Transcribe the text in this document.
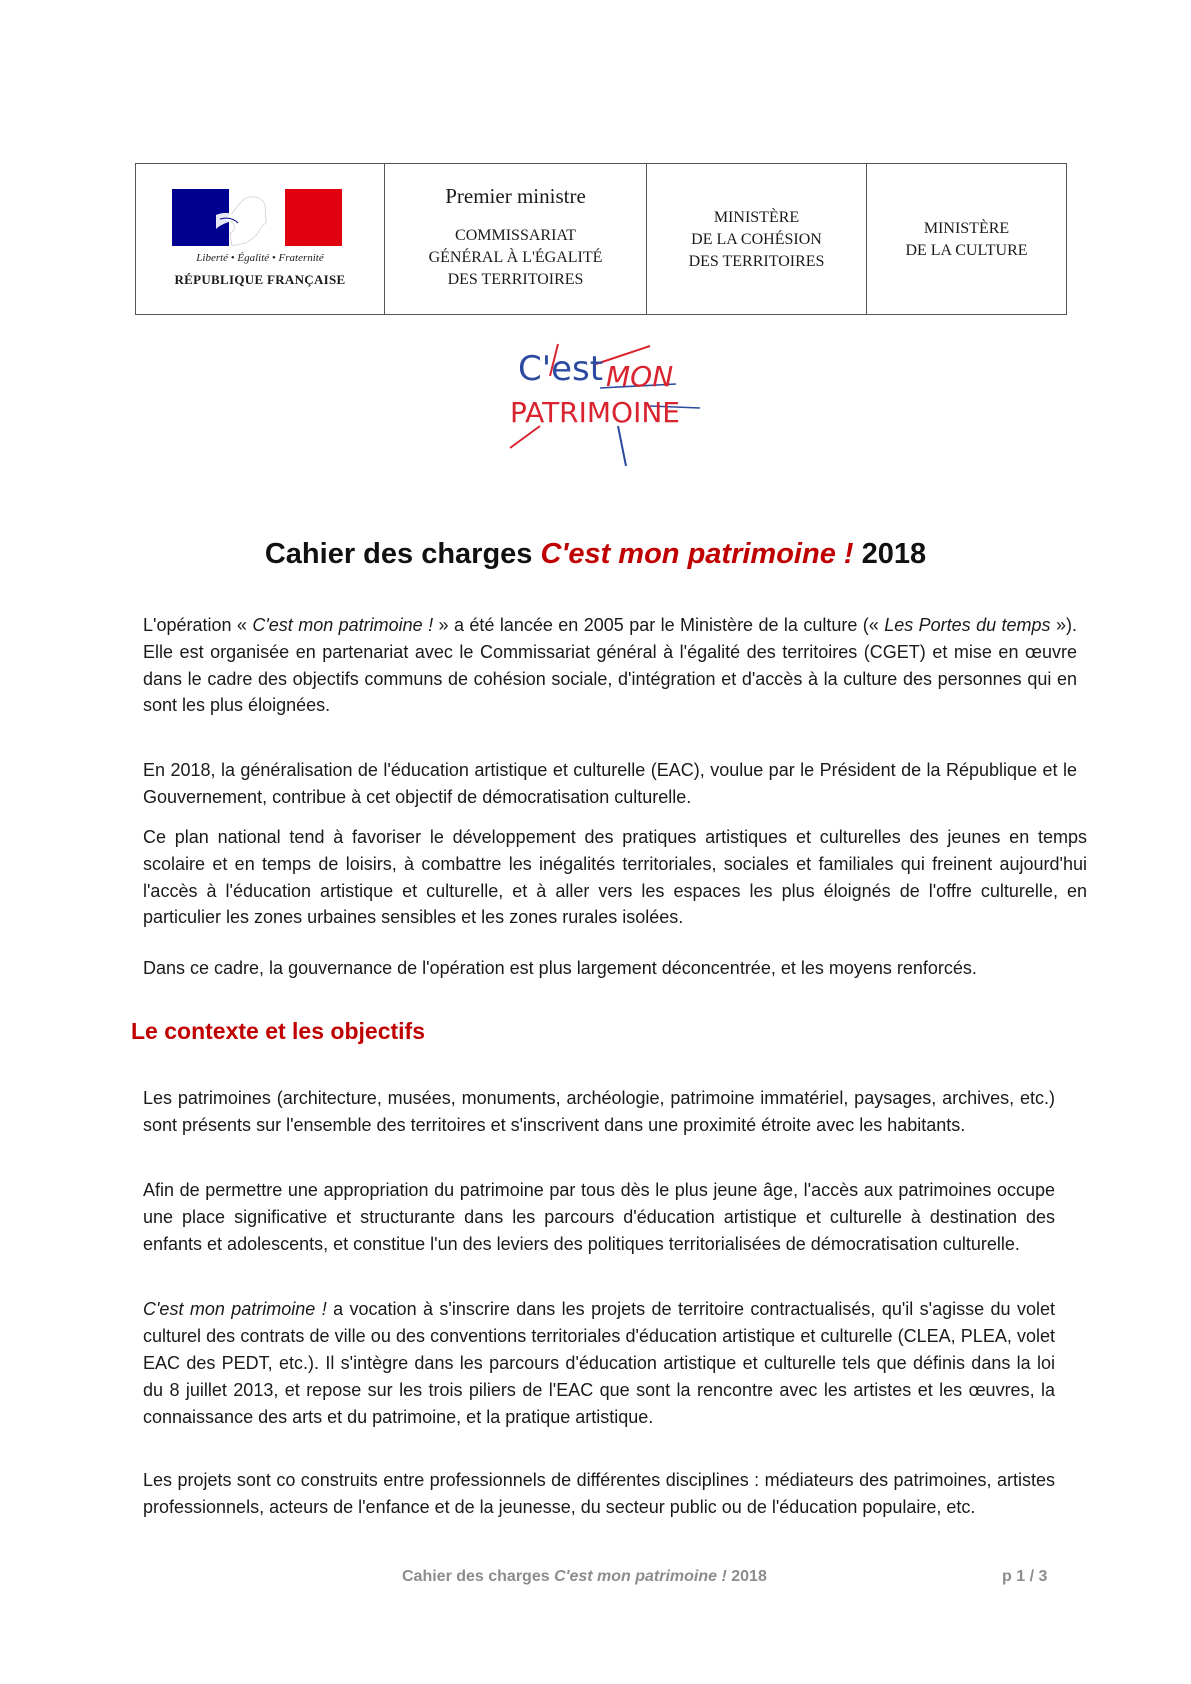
Liberté • Égalité • Fraternité
RÉPUBLIQUE FRANÇAISE
Premier ministre
COMMISSARIAT
GÉNÉRAL À L'ÉGALITÉ
DES TERRITOIRES
MINISTÈRE
DE LA COHÉSION
DES TERRITOIRES
MINISTÈRE
DE LA CULTURE
C'est MON
PATRIMOINE
Cahier des charges C'est mon patrimoine ! 2018
L'opération « C'est mon patrimoine ! » a été lancée en 2005 par le Ministère de la culture (« Les Portes du temps »). Elle est organisée en partenariat avec le Commissariat général à l'égalité des territoires (CGET) et mise en œuvre dans le cadre des objectifs communs de cohésion sociale, d'intégration et d'accès à la culture des personnes qui en sont les plus éloignées.
En 2018, la généralisation de l'éducation artistique et culturelle (EAC), voulue par le Président de la République et le Gouvernement, contribue à cet objectif de démocratisation culturelle.
Ce plan national tend à favoriser le développement des pratiques artistiques et culturelles des jeunes en temps scolaire et en temps de loisirs, à combattre les inégalités territoriales, sociales et familiales qui freinent aujourd'hui l'accès à l'éducation artistique et culturelle, et à aller vers les espaces les plus éloignés de l'offre culturelle, en particulier les zones urbaines sensibles et les zones rurales isolées.
Dans ce cadre, la gouvernance de l'opération est plus largement déconcentrée, et les moyens renforcés.
Le contexte et les objectifs
Les patrimoines (architecture, musées, monuments, archéologie, patrimoine immatériel, paysages, archives, etc.) sont présents sur l'ensemble des territoires et s'inscrivent dans une proximité étroite avec les habitants.
Afin de permettre une appropriation du patrimoine par tous dès le plus jeune âge, l'accès aux patrimoines occupe une place significative et structurante dans les parcours d'éducation artistique et culturelle à destination des enfants et adolescents, et constitue l'un des leviers des politiques territorialisées de démocratisation culturelle.
C'est mon patrimoine ! a vocation à s'inscrire dans les projets de territoire contractualisés, qu'il s'agisse du volet culturel des contrats de ville ou des conventions territoriales d'éducation artistique et culturelle (CLEA, PLEA, volet EAC des PEDT, etc.). Il s'intègre dans les parcours d'éducation artistique et culturelle tels que définis dans la loi du 8 juillet 2013, et repose sur les trois piliers de l'EAC que sont la rencontre avec les artistes et les œuvres, la connaissance des arts et du patrimoine, et la pratique artistique.
Les projets sont co construits entre professionnels de différentes disciplines : médiateurs des patrimoines, artistes professionnels, acteurs de l'enfance et de la jeunesse, du secteur public ou de l'éducation populaire, etc.
Cahier des charges C'est mon patrimoine ! 2018	p 1 / 3
